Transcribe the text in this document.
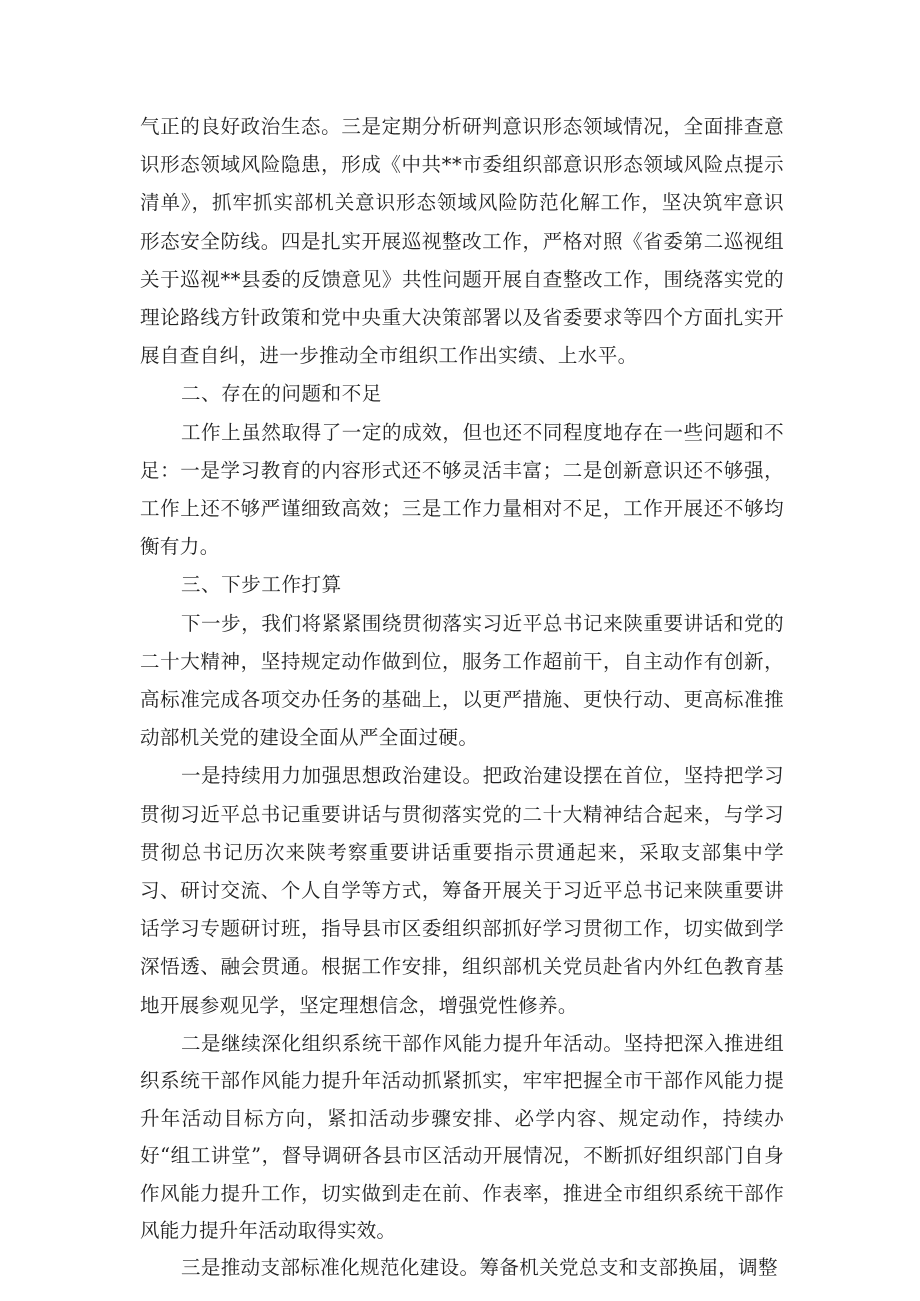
气正的良好政治生态。三是定期分析研判意识形态领域情况，全面排查意识形态领域风险隐患，形成《中共**市委组织部意识形态领域风险点提示清单》，抓牢抓实部机关意识形态领域风险防范化解工作，坚决筑牢意识形态安全防线。四是扎实开展巡视整改工作，严格对照《省委第二巡视组关于巡视**县委的反馈意见》共性问题开展自查整改工作，围绕落实党的理论路线方针政策和党中央重大决策部署以及省委要求等四个方面扎实开展自查自纠，进一步推动全市组织工作出实绩、上水平。

二、存在的问题和不足

工作上虽然取得了一定的成效，但也还不同程度地存在一些问题和不足：一是学习教育的内容形式还不够灵活丰富；二是创新意识还不够强，工作上还不够严谨细致高效；三是工作力量相对不足，工作开展还不够均衡有力。

三、下步工作打算

下一步，我们将紧紧围绕贯彻落实习近平总书记来陕重要讲话和党的二十大精神，坚持规定动作做到位，服务工作超前干，自主动作有创新，高标准完成各项交办任务的基础上，以更严措施、更快行动、更高标准推动部机关党的建设全面从严全面过硬。

一是持续用力加强思想政治建设。把政治建设摆在首位，坚持把学习贯彻习近平总书记重要讲话与贯彻落实党的二十大精神结合起来，与学习贯彻总书记历次来陕考察重要讲话重要指示贯通起来，采取支部集中学习、研讨交流、个人自学等方式，筹备开展关于习近平总书记来陕重要讲话学习专题研讨班，指导县市区委组织部抓好学习贯彻工作，切实做到学深悟透、融会贯通。根据工作安排，组织部机关党员赴省内外红色教育基地开展参观见学，坚定理想信念，增强党性修养。

二是继续深化组织系统干部作风能力提升年活动。坚持把深入推进组织系统干部作风能力提升年活动抓紧抓实，牢牢把握全市干部作风能力提升年活动目标方向，紧扣活动步骤安排、必学内容、规定动作，持续办好“组工讲堂”，督导调研各县市区活动开展情况，不断抓好组织部门自身作风能力提升工作，切实做到走在前、作表率，推进全市组织系统干部作风能力提升年活动取得实效。

三是推动支部标准化规范化建设。筹备机关党总支和支部换届，调整
